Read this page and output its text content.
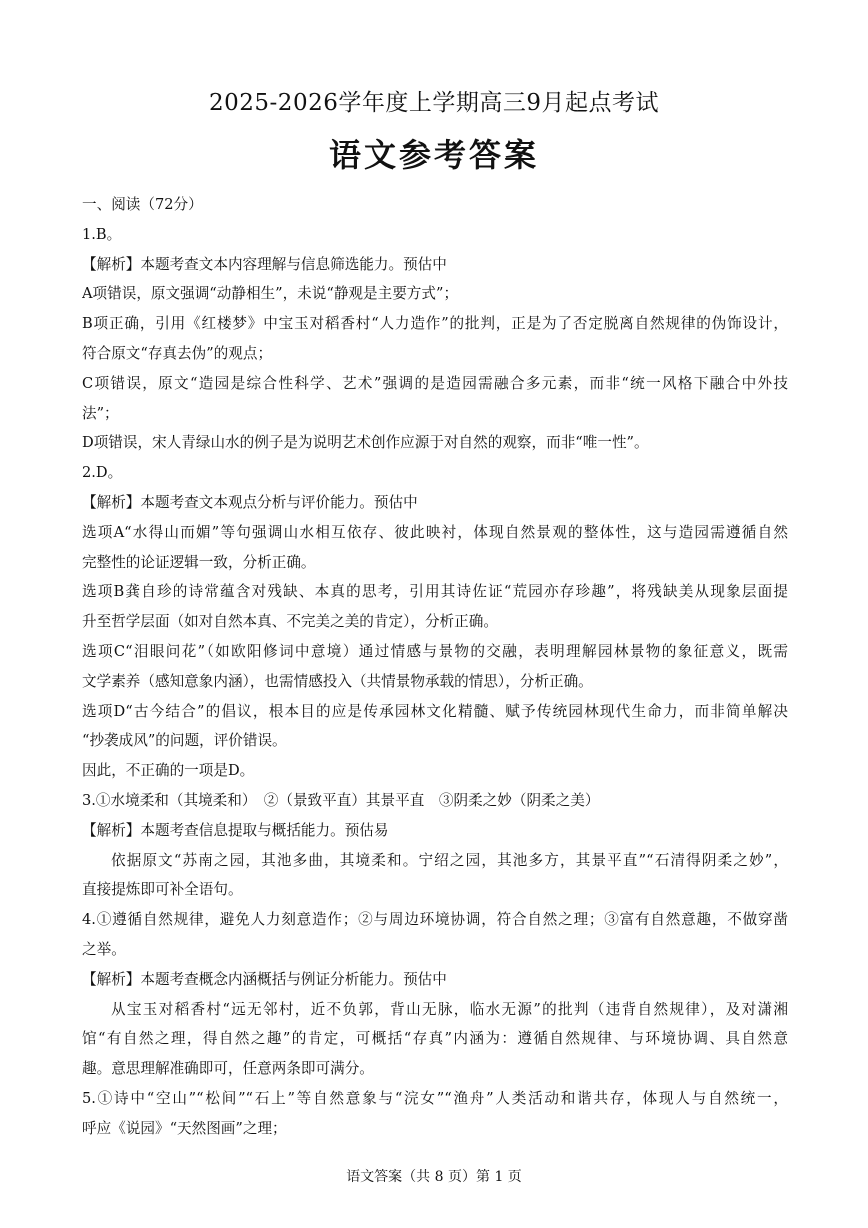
2025-2026学年度上学期高三9月起点考试
语文参考答案
一、阅读（72分）
1.B。
【解析】本题考查文本内容理解与信息筛选能力。预估中
A项错误，原文强调“动静相生”，未说“静观是主要方式”；
B项正确，引用《红楼梦》中宝玉对稻香村“人力造作”的批判，正是为了否定脱离自然规律的伪饰设计，
符合原文“存真去伪”的观点；
C项错误，原文“造园是综合性科学、艺术”强调的是造园需融合多元素，而非“统一风格下融合中外技
法”；
D项错误，宋人青绿山水的例子是为说明艺术创作应源于对自然的观察，而非“唯一性”。
2.D。
【解析】本题考查文本观点分析与评价能力。预估中
选项A“水得山而媚”等句强调山水相互依存、彼此映衬，体现自然景观的整体性，这与造园需遵循自然
完整性的论证逻辑一致，分析正确。
选项B龚自珍的诗常蕴含对残缺、本真的思考，引用其诗佐证“荒园亦存珍趣”，将残缺美从现象层面提
升至哲学层面（如对自然本真、不完美之美的肯定），分析正确。
选项C“泪眼问花”（如欧阳修词中意境）通过情感与景物的交融，表明理解园林景物的象征意义，既需
文学素养（感知意象内涵），也需情感投入（共情景物承载的情思），分析正确。
选项D“古今结合”的倡议，根本目的应是传承园林文化精髓、赋予传统园林现代生命力，而非简单解决
“抄袭成风”的问题，评价错误。
因此，不正确的一项是D。
3.①水境柔和（其境柔和）　②（景致平直）其景平直　③阴柔之妙（阴柔之美）
【解析】本题考查信息提取与概括能力。预估易
依据原文“苏南之园，其池多曲，其境柔和。宁绍之园，其池多方，其景平直”“石清得阴柔之妙”，
直接提炼即可补全语句。
4.①遵循自然规律，避免人力刻意造作；②与周边环境协调，符合自然之理；③富有自然意趣，不做穿凿
之举。
【解析】本题考查概念内涵概括与例证分析能力。预估中
从宝玉对稻香村“远无邻村，近不负郭，背山无脉，临水无源”的批判（违背自然规律），及对潇湘
馆“有自然之理，得自然之趣”的肯定，可概括“存真”内涵为：遵循自然规律、与环境协调、具自然意
趣。意思理解准确即可，任意两条即可满分。
5.①诗中“空山”“松间”“石上”等自然意象与“浣女”“渔舟”人类活动和谐共存，体现人与自然统一，
呼应《说园》“天然图画”之理；
语文答案（共 8 页）第 1 页
